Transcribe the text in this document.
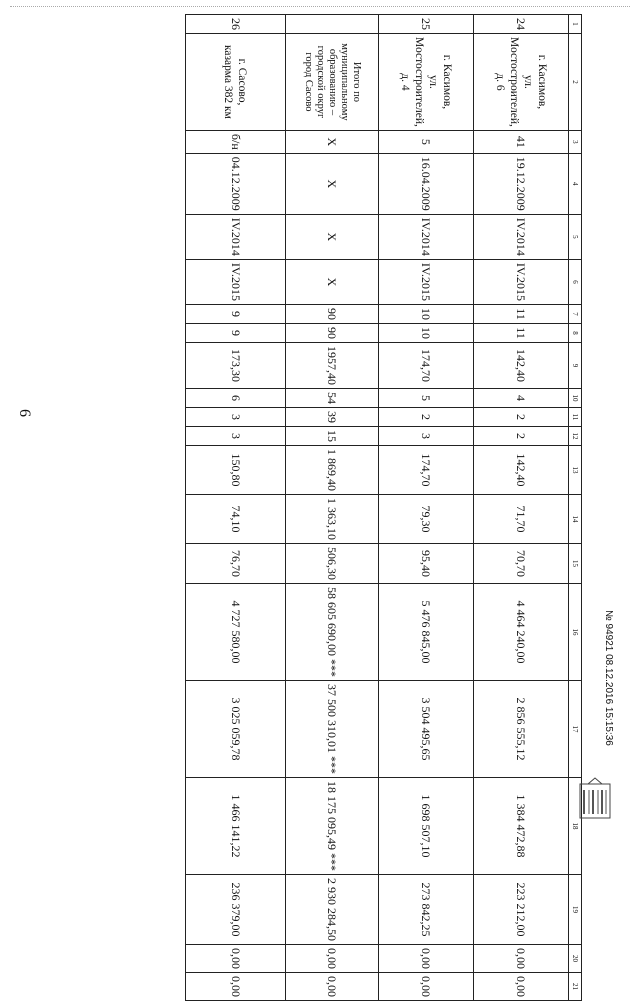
6
1	2	3	4	5	6	7	8	9	10	11	12	13	14	15	16	17	18	19	20	21
24	г. Касимов,
ул. Мостостроителей,
д. 6	41	19.12.2009	IV.2014	IV.2015	11	11	142,40	4	2	2	142,40	71,70	70,70	4 464 240,00	2 856 555,12	1 384 472,88	223 212,00	0,00	0,00
25	г. Касимов,
ул. Мостостроителей,
д. 4	5	16.04.2009	IV.2014	IV.2015	10	10	174,70	5	2	3	174,70	79,30	95,40	5 476 845,00	3 504 495,65	1 698 507,10	273 842,25	0,00	0,00
	Итого по
муниципальному
образованию –
городской округ
город Сасово	X	X	X	X	90	90	1957,40	54	39	15	1 869,40	1 363,10	506,30	58 605 690,00 ***	37 500 310,01 ***	18 175 095,49 ***	2 930 284,50	0,00	0,00
26	г. Сасово,
казарма 382 км	б/н	04.12.2009	IV.2014	IV.2015	9	9	173,30	6	3	3	150,80	74,10	76,70	4 727 580,00	3 025 059,78	1 466 141,22	236 379,00	0,00	0,00
№ 94921 08.12.2016 15:15:36
